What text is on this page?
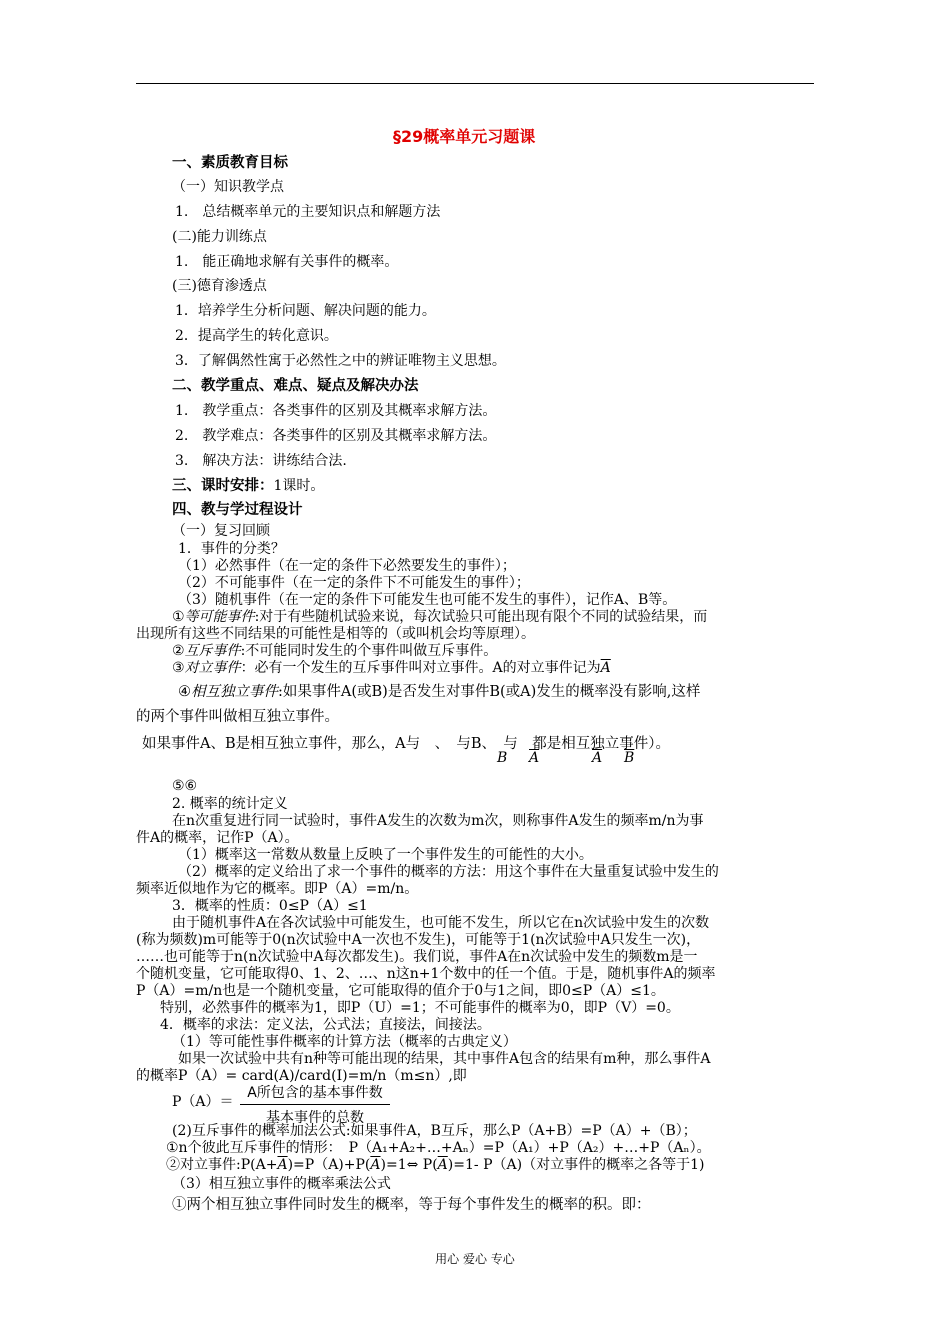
§29概率单元习题课
一、素质教育目标
（一）知识教学点
1.　总结概率单元的主要知识点和解题方法
(二)能力训练点
1.　能正确地求解有关事件的概率。
(三)德育渗透点
1．培养学生分析问题、解决问题的能力。
2．提高学生的转化意识。
3．了解偶然性寓于必然性之中的辨证唯物主义思想。
二、教学重点、难点、疑点及解决办法
1.　教学重点：各类事件的区别及其概率求解方法。
2.　教学难点：各类事件的区别及其概率求解方法。
3.　解决方法：讲练结合法.
三、课时安排：1课时。
四、教与学过程设计
（一）复习回顾
1．事件的分类？
（1）必然事件（在一定的条件下必然要发生的事件）；
（2）不可能事件（在一定的条件下不可能发生的事件）；
（3）随机事件（在一定的条件下可能发生也可能不发生的事件），记作A、B等。
①等可能事件:对于有些随机试验来说，每次试验只可能出现有限个不同的试验结果，而
出现所有这些不同结果的可能性是相等的（或叫机会均等原理）。
②互斥事件:不可能同时发生的个事件叫做互斥事件。
③对立事件：必有一个发生的互斥事件叫对立事件。A的对立事件记为$\overline{A}$
④相互独立事件:如果事件A(或B)是否发生对事件B(或A)发生的概率没有影响,这样
的两个事件叫做相互独立事件。
如果事件A、B是相互独立事件，那么，A与　、　与B、　与　都是相互独立事件）。
B $\overline{A}$	$\overline{A}$ $\overline{B}$
⑤⑥
2. 概率的统计定义
在n次重复进行同一试验时，事件A发生的次数为m次，则称事件A发生的频率m/n为事
件A的概率，记作P（A）。
（1）概率这一常数从数量上反映了一个事件发生的可能性的大小。
（2）概率的定义给出了求一个事件的概率的方法：用这个事件在大量重复试验中发生的
频率近似地作为它的概率。即P（A）=m/n。
3．概率的性质：0≤P（A）≤1
由于随机事件A在各次试验中可能发生，也可能不发生，所以它在n次试验中发生的次数
(称为频数)m可能等于0(n次试验中A一次也不发生)，可能等于1(n次试验中A只发生一次)，
……也可能等于n(n次试验中A每次都发生)。我们说，事件A在n次试验中发生的频数m是一
个随机变量，它可能取得0、1、2、…、n这n+1个数中的任一个值。于是，随机事件A的频率
P（A）=m/n也是一个随机变量，它可能取得的值介于0与1之间，即0≤P（A）≤1。
特别，必然事件的概率为1，即P（U）=1；不可能事件的概率为0，即P（V）=0。
4．概率的求法：定义法，公式法；直接法，间接法。
（1）等可能性事件概率的计算方法（概率的古典定义）
如果一次试验中共有n种等可能出现的结果，其中事件A包含的结果有m种，那么事件A
的概率P（A）= card(A)/card(I)=m/n（m≤n）,即
P（A）＝
A所包含的基本事件数
基本事件的总数
(2)互斥事件的概率加法公式:如果事件A，B互斥，那么P（A+B）=P（A）+（B）；
①n个彼此互斥事件的情形：　P（A₁+A₂+…+Aₙ）=P（A₁）+P（A₂）+…+P（Aₙ）。
②对立事件$:P(A+\overline{A})=P(A)+P(\overline{A})=1\Leftrightarrow$ $P(\overline{A})=1-$ P（A)（对立事件的概率之各等于1)
（3）相互独立事件的概率乘法公式
①两个相互独立事件同时发生的概率，等于每个事件发生的概率的积。即：
用心 爱心 专心
